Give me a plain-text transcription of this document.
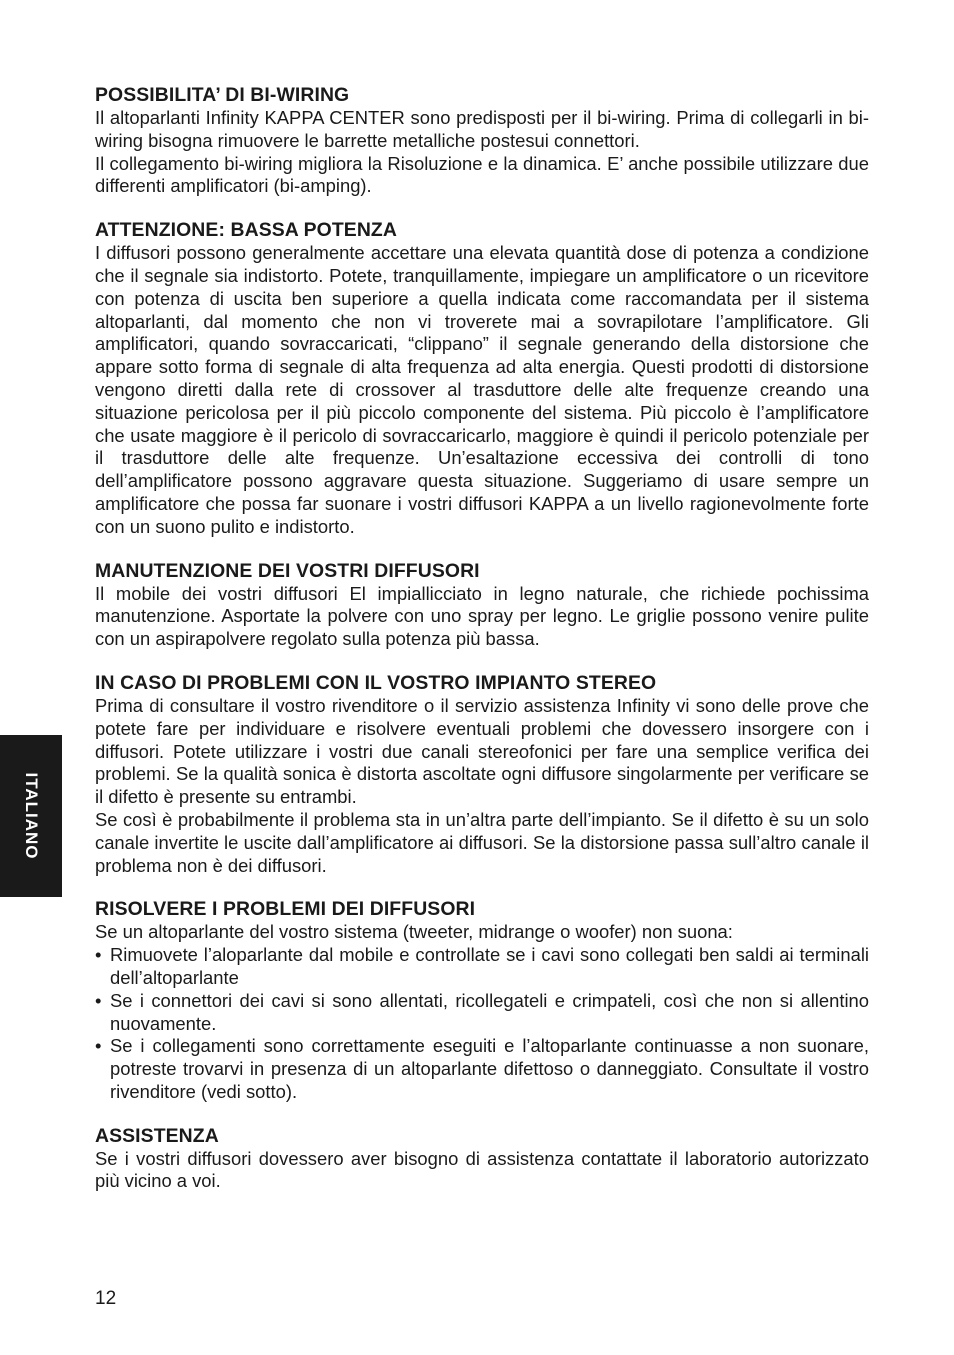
POSSIBILITA’ DI BI-WIRING

Il altoparlanti Infinity KAPPA CENTER sono predisposti per il bi-wiring. Prima di collegarli in bi-wiring bisogna rimuovere le barrette metalliche postesui connettori.

Il collegamento bi-wiring migliora la Risoluzione e la dinamica. E’ anche possibile utilizzare due differenti amplificatori (bi-amping).

ATTENZIONE: BASSA POTENZA

I diffusori possono generalmente accettare una elevata quantità dose di potenza a condizione che il segnale sia indistorto. Potete, tranquillamente, impiegare un amplificatore o un ricevitore con potenza di uscita ben superiore a quella indicata come raccomandata per il sistema altoparlanti, dal momento che non vi troverete mai a sovrapilotare l’amplificatore. Gli amplificatori, quando sovraccaricati, “clippano” il segnale generando della distorsione che appare sotto forma di segnale di alta frequenza ad alta energia. Questi prodotti di distorsione vengono diretti dalla rete di crossover al trasduttore delle alte frequenze creando una situazione pericolosa per il più piccolo componente del sistema. Più piccolo è l’amplificatore che usate maggiore è il pericolo di sovraccaricarlo, maggiore è quindi il pericolo potenziale per il trasduttore delle alte frequenze. Un’esaltazione eccessiva dei controlli di tono dell’amplificatore possono aggravare questa situazione. Suggeriamo di usare sempre un amplificatore che possa far suonare i vostri diffusori KAPPA a un livello ragionevolmente forte con un suono pulito e indistorto.

MANUTENZIONE DEI VOSTRI DIFFUSORI

Il mobile dei vostri diffusori El impiallicciato in legno naturale, che richiede pochissima manutenzione. Asportate la polvere con uno spray per legno. Le griglie possono venire pulite con un aspirapolvere regolato sulla potenza più bassa.

IN CASO DI PROBLEMI CON IL VOSTRO IMPIANTO STEREO

Prima di consultare il vostro rivenditore o il servizio assistenza Infinity vi sono delle prove che potete fare per individuare e risolvere eventuali problemi che dovessero insorgere con i diffusori. Potete utilizzare i vostri due canali stereofonici per fare una semplice verifica dei problemi. Se la qualità sonica è distorta ascoltate ogni diffusore singolarmente per verificare se il difetto è presente su entrambi.

Se così è probabilmente il problema sta in un’altra parte dell’impianto. Se il difetto è su un solo canale invertite le uscite dall’amplificatore ai diffusori. Se la distorsione passa sull’altro canale il problema non è dei diffusori.

RISOLVERE I PROBLEMI DEI DIFFUSORI

Se un altoparlante del vostro sistema (tweeter, midrange o woofer) non suona:

• Rimuovete l’aloparlante dal mobile e controllate se i cavi sono collegati ben saldi ai terminali dell’altoparlante
• Se i connettori dei cavi si sono allentati, ricollegateli e crimpateli, così che non si allentino nuovamente.
• Se i collegamenti sono correttamente eseguiti e l’altoparlante continuasse a non suonare, potreste trovarvi in presenza di un altoparlante difettoso o danneggiato. Consultate il vostro rivenditore (vedi sotto).
ASSISTENZA

Se i vostri diffusori dovessero aver bisogno di assistenza contattate il laboratorio autorizzato più vicino a voi.

ITALIANO
12
